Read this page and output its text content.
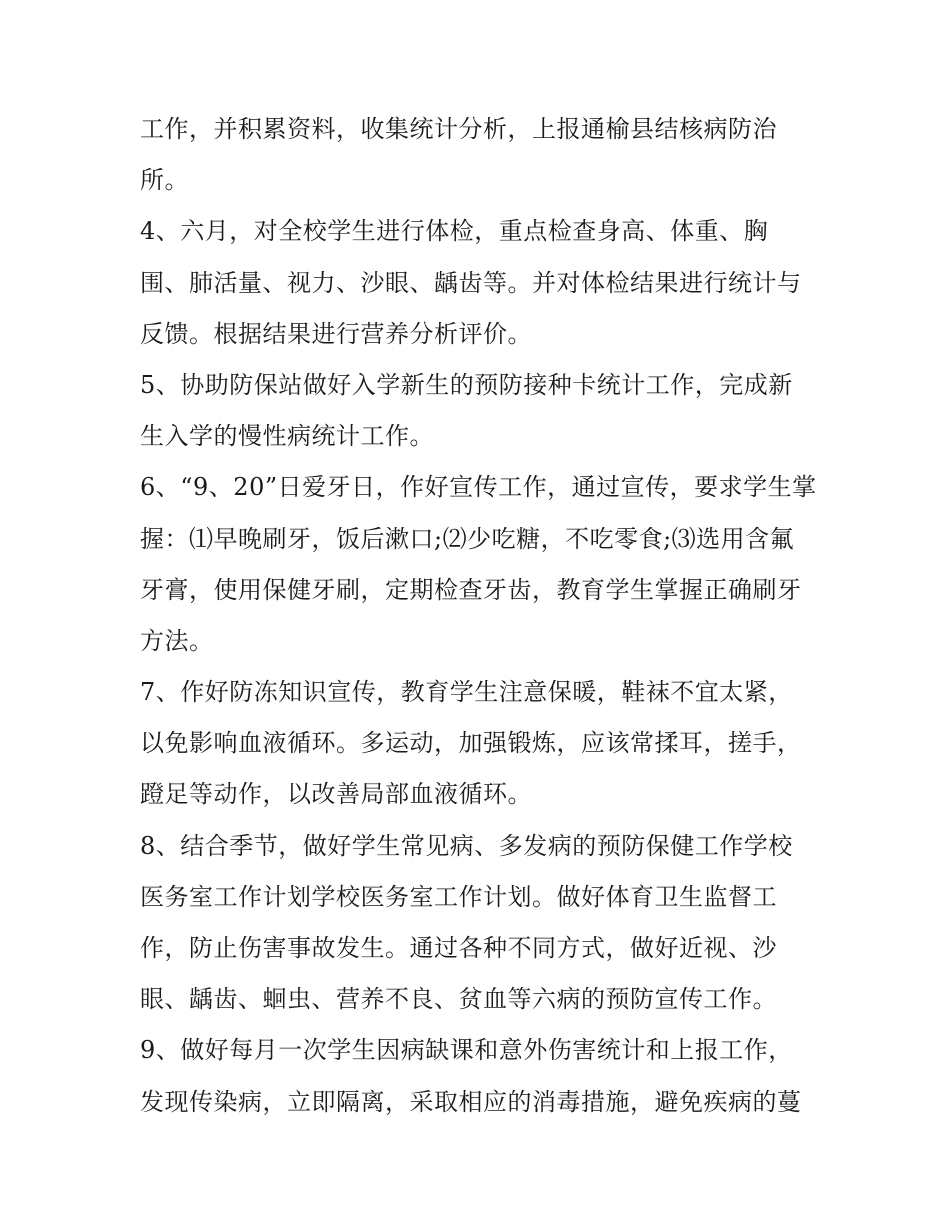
工作，并积累资料，收集统计分析，上报通榆县结核病防治
所。
4、六月，对全校学生进行体检，重点检查身高、体重、胸
围、肺活量、视力、沙眼、龋齿等。并对体检结果进行统计与
反馈。根据结果进行营养分析评价。
5、协助防保站做好入学新生的预防接种卡统计工作，完成新
生入学的慢性病统计工作。
6、“9、20”日爱牙日，作好宣传工作，通过宣传，要求学生掌
握：⑴早晚刷牙，饭后漱口;⑵少吃糖，不吃零食;⑶选用含氟
牙膏，使用保健牙刷，定期检查牙齿，教育学生掌握正确刷牙
方法。
7、作好防冻知识宣传，教育学生注意保暖，鞋袜不宜太紧，
以免影响血液循环。多运动，加强锻炼，应该常揉耳，搓手，
蹬足等动作，以改善局部血液循环。
8、结合季节，做好学生常见病、多发病的预防保健工作学校
医务室工作计划学校医务室工作计划。做好体育卫生监督工
作，防止伤害事故发生。通过各种不同方式，做好近视、沙
眼、龋齿、蛔虫、营养不良、贫血等六病的预防宣传工作。
9、做好每月一次学生因病缺课和意外伤害统计和上报工作，
发现传染病，立即隔离，采取相应的消毒措施，避免疾病的蔓
